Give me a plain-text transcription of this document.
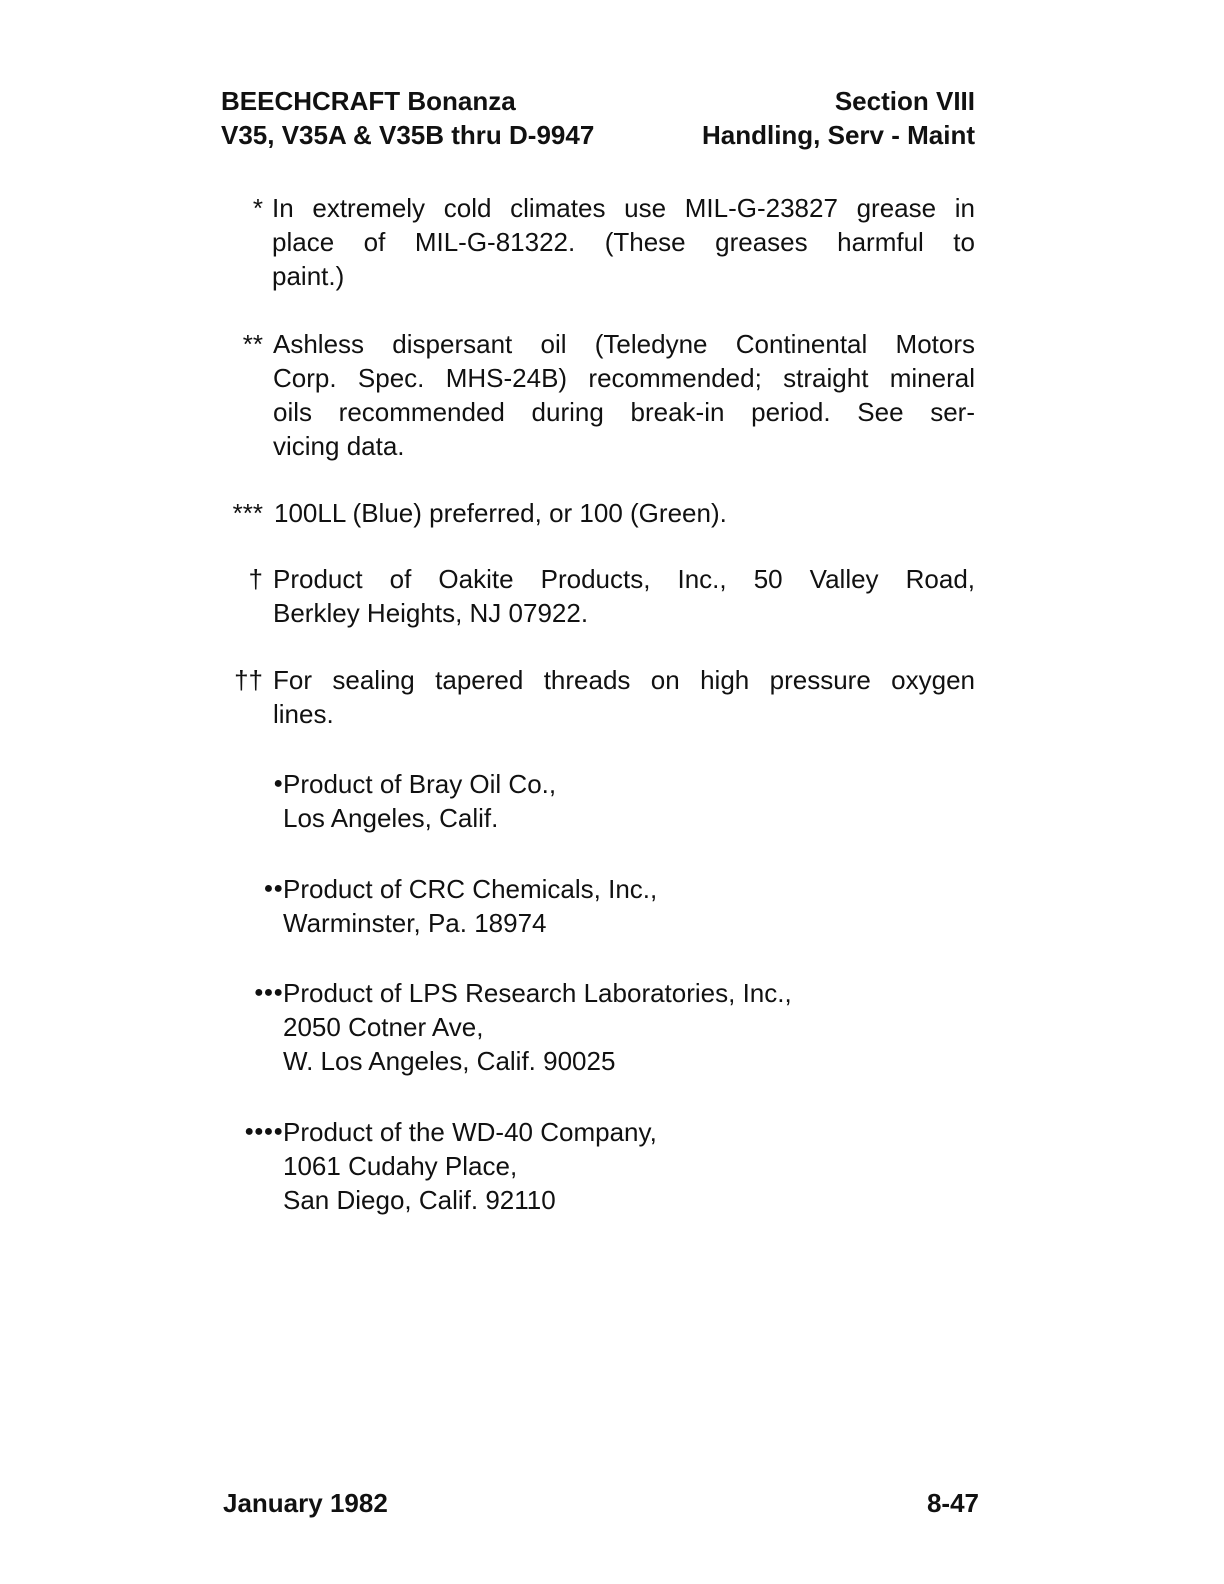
BEECHCRAFT Bonanza	Section VIII
V35, V35A & V35B thru D-9947	Handling, Serv - Maint
* In extremely cold climates use MIL-G-23827 grease in
place of MIL-G-81322. (These greases harmful to
paint.)
** Ashless dispersant oil (Teledyne Continental Motors
Corp. Spec. MHS-24B) recommended; straight mineral
oils recommended during break-in period. See ser-
vicing data.
*** 100LL (Blue) preferred, or 100 (Green).
† Product of Oakite Products, Inc., 50 Valley Road,
Berkley Heights, NJ 07922.
†† For sealing tapered threads on high pressure oxygen
lines.
● Product of Bray Oil Co.,
Los Angeles, Calif.
●● Product of CRC Chemicals, Inc.,
Warminster, Pa. 18974
●●● Product of LPS Research Laboratories, Inc.,
2050 Cotner Ave,
W. Los Angeles, Calif. 90025
●●●● Product of the WD-40 Company,
1061 Cudahy Place,
San Diego, Calif. 92110
January 1982	8-47
